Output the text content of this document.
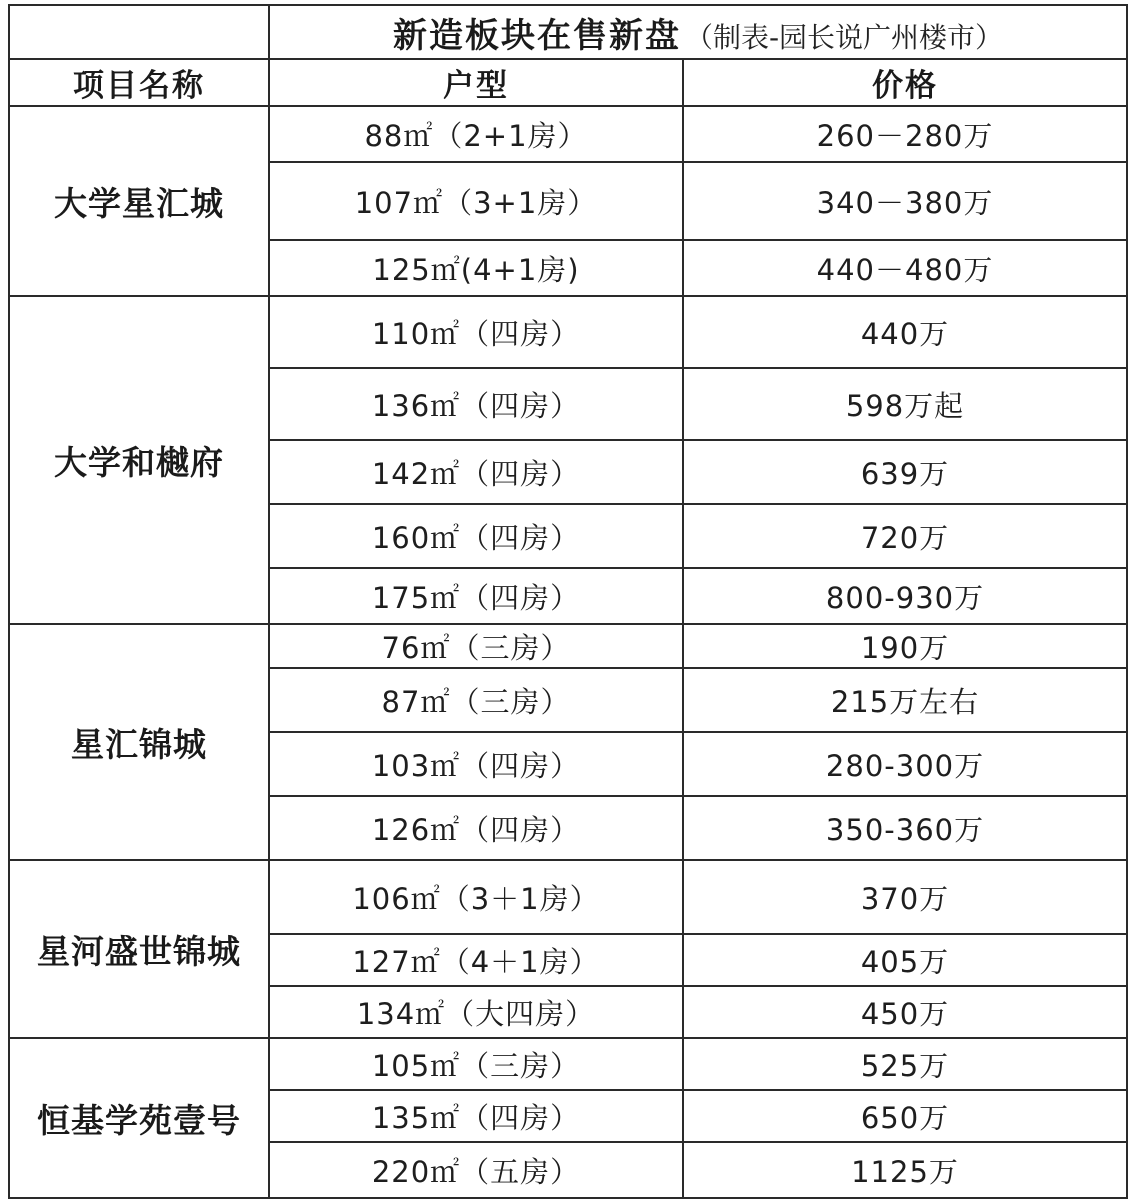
	新造板块在售新盘 （制表-园长说广州楼市）	
项目名称	户型	价格
大学星汇城	88㎡（2+1房）	260－280万
	107㎡（3+1房）	340－380万
	125㎡(4+1房)	440－480万
大学和樾府	110㎡（四房）	440万
	136㎡（四房）	598万起
	142㎡（四房）	639万
	160㎡（四房）	720万
	175㎡（四房）	800-930万
星汇锦城	76㎡（三房）	190万
	87㎡（三房）	215万左右
	103㎡（四房）	280-300万
	126㎡（四房）	350-360万
星河盛世锦城	106㎡（3＋1房）	370万
	127㎡（4＋1房）	405万
	134㎡（大四房）	450万
恒基学苑壹号	105㎡（三房）	525万
	135㎡（四房）	650万
	220㎡（五房）	1125万
